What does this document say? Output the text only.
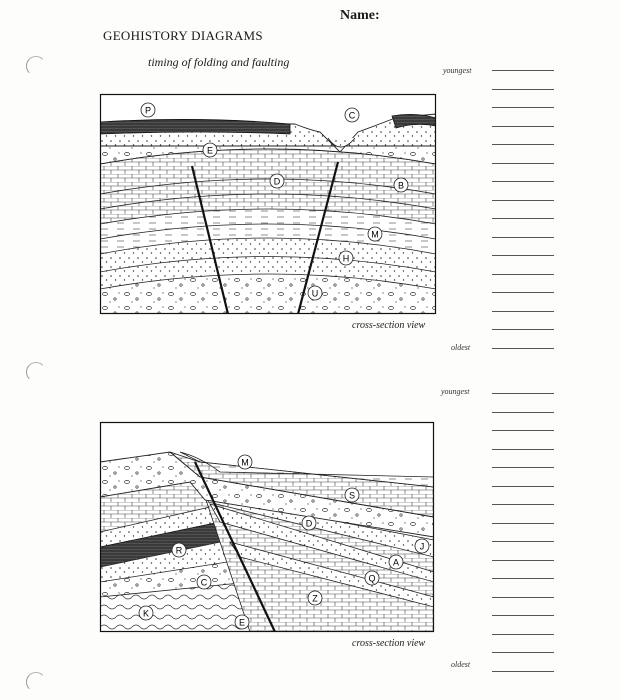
Name:
GEOHISTORY DIAGRAMS
timing of folding and faulting
P	C
E
D	B
M
H
U
cross-section view
youngest
oldest
M
S
D
R	J
A
C	Q
Z
K
E
cross-section view
youngest
oldest
